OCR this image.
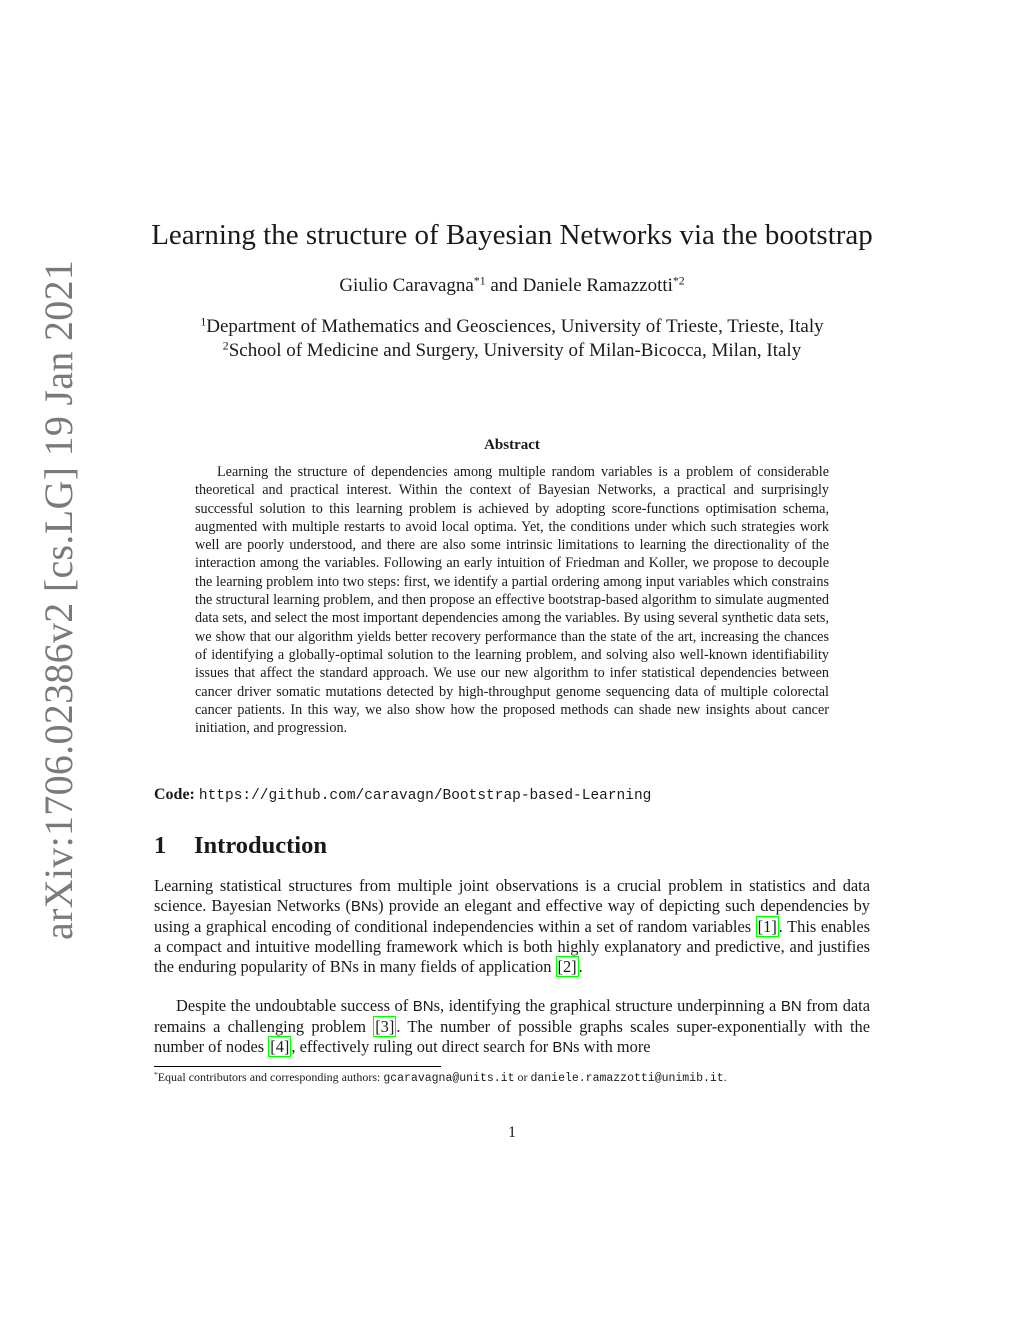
arXiv:1706.02386v2 [cs.LG] 19 Jan 2021
Learning the structure of Bayesian Networks via the bootstrap
Giulio Caravagna$^{*1}$ and Daniele Ramazzotti$^{*2}$
$^1$Department of Mathematics and Geosciences, University of Trieste, Trieste, Italy
$^2$School of Medicine and Surgery, University of Milan-Bicocca, Milan, Italy
Abstract

Learning the structure of dependencies among multiple random variables is a problem of considerable theoretical and practical interest. Within the context of Bayesian Networks, a practical and surprisingly successful solution to this learning problem is achieved by adopting score-functions optimisation schema, augmented with multiple restarts to avoid local optima. Yet, the conditions under which such strategies work well are poorly understood, and there are also some intrinsic limitations to learning the directionality of the interaction among the variables. Following an early intuition of Friedman and Koller, we propose to decouple the learning problem into two steps: first, we identify a partial ordering among input variables which constrains the structural learning problem, and then propose an effective bootstrap-based algorithm to simulate augmented data sets, and select the most important dependencies among the variables. By using several synthetic data sets, we show that our algorithm yields better recovery performance than the state of the art, increasing the chances of identifying a globally-optimal solution to the learning problem, and solving also well-known identifiability issues that affect the standard approach. We use our new algorithm to infer statistical dependencies between cancer driver somatic mutations detected by high-throughput genome sequencing data of multiple colorectal cancer patients. In this way, we also show how the proposed methods can shade new insights about cancer initiation, and progression.

Code: https://github.com/caravagn/Bootstrap-based-Learning
1 Introduction

Learning statistical structures from multiple joint observations is a crucial problem in statistics and data science. Bayesian Networks (BNs) provide an elegant and effective way of depicting such dependencies by using a graphical encoding of conditional independencies within a set of random variables [1] . This enables a compact and intuitive modelling framework which is both highly explanatory and predictive, and justifies the enduring popularity of BNs in many fields of application [2] .

Despite the undoubtable success of BNs, identifying the graphical structure underpinning a BN from data remains a challenging problem [3] . The number of possible graphs scales super-exponentially with the number of nodes [4] , effectively ruling out direct search for BNs with more

*Equal contributors and corresponding authors: gcaravagna@units.it or daniele.ramazzotti@unimib.it.
1
